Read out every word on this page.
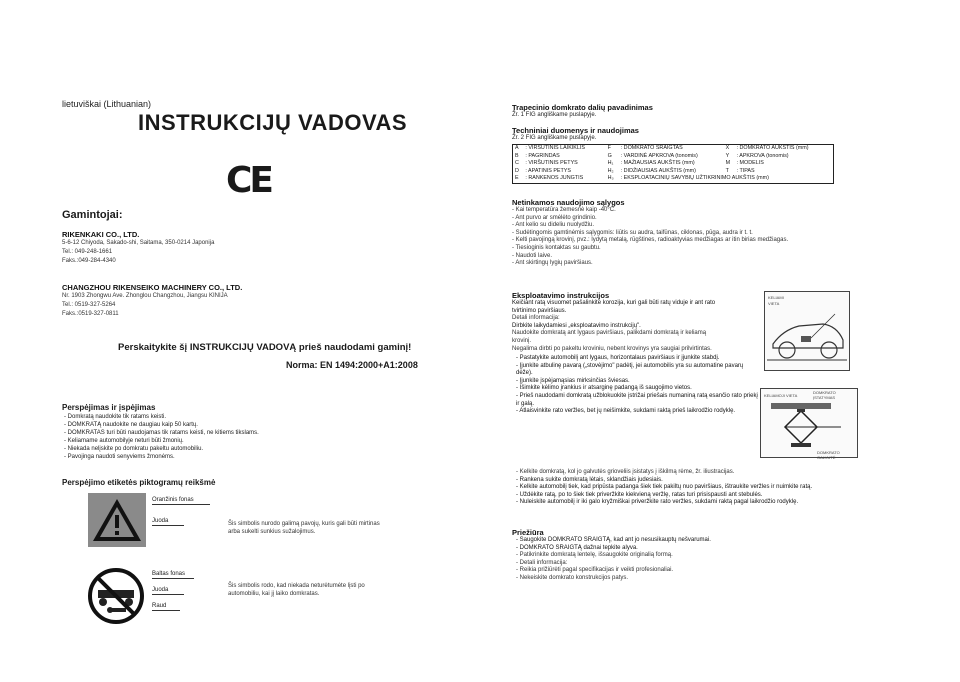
lietuviškai (Lithuanian)
INSTRUKCIJŲ VADOVAS
CE
Gamintojai:
RIKENKAKI CO., LTD.
5-6-12 Chiyoda, Sakado-shi, Saitama, 350-0214 Japonija
Tel.: 049-248-1661
Faks.:049-284-4340
CHANGZHOU RIKENSEIKO MACHINERY CO., LTD.
Nr. 1903 Zhongwu Ave. Zhonglou Changzhou, Jiangsu KINIJA
Tel.: 0519-327-5264
Faks.:0519-327-0811
Perskaitykite šį INSTRUKCIJŲ VADOVĄ prieš naudodami gaminį!
Norma: EN 1494:2000+A1:2008
Perspėjimas ir įspėjimas
- Domkratą naudokite tik ratams keisti.
- DOMKRATĄ naudokite ne daugiau kaip 50 kartų.
- DOMKRATAS turi būti naudojamas tik ratams keisti, ne kitiems tikslams.
- Keliamame automobilyje neturi būti žmonių.
- Niekada nelįskite po domkratu pakeltu automobiliu.
- Pavojinga naudoti senyviems žmonėms.
Perspėjimo etiketės piktogramų reikšmė
Oranžinis fonas
Juoda	Šis simbolis nurodo galimą pavojų, kuris gali būti mirtinas
arba sukelti sunkius sužalojimus.
Baltas fonas
Juoda
Raud
Šis simbolis rodo, kad niekada neturėtumėte lįsti po
automobiliu, kai jį laiko domkratas.
Trapecinio domkrato dalių pavadinimas
Žr. 1 FIG angliškame puslapyje.
Techniniai duomenys ir naudojimas
Žr. 2 FIG angliškame puslapyje.
A	: VIRŠUTINIS LAIKIKLIS	F	: DOMKRATO SRAIGTAS	X	: DOMKRATO AUKŠTIS (mm)
B	: PAGRINDAS	G	: VARDINĖ APKROVA (tonomis)	Y	: APKROVA (tonomis)
C	: VIRŠUTINIS PETYS	H₁	: MAŽIAUSIAS AUKŠTIS (mm)	M	: MODELIS
D	: APATINIS PETYS	H₂	: DIDŽIAUSIAS AUKŠTIS (mm)	T	: TIPAS
E	: RANKENOS JUNGTIS	H₃	: EKSPLOATACINIŲ SAVYBIŲ UŽTIKRINIMO AUKŠTIS (mm)		
Netinkamos naudojimo sąlygos
- Kai temperatūra žemesnė kaip -40°C.
- Ant purvo ar smėlėto grindinio.
- Ant kelio su dideliu nuolydžiu.
- Sudėtingomis gamtinėmis sąlygomis: liūtis su audra, taifūnas, ciklonas, pūga, audra ir t. t.
- Kelti pavojingą krovinį, pvz.: lydytą metalą, rūgštines, radioaktyvias medžiagas ar itin birias medžiagas.
- Tiesioginis kontaktas su gaubtu.
- Naudoti laive.
- Ant skirtingų lygių paviršiaus.
Eksploatavimo instrukcijos
Keičiant ratą visuomet pašalinkite korozija, kuri gali būti ratų viduje ir ant rato
tvirtinimo paviršiaus.
Detali informacija:
Dirbkite laikydamiesi „eksploatavimo instrukcijų".
Naudokite domkratą ant lygaus paviršiaus, palikdami domkratą ir keliamą
krovinį.
Negalima dirbti po pakeltu kroviniu, nebent krovinys yra saugiai prilvirtintas.
- Pastatykite automobilį ant lygaus, horizontalaus paviršiaus ir įjunkite stabdį.
- Įjunkite atbulinę pavarą („stovėjimo" padėtį, jei automobilis yra su automatine pavarų dėže).
- Įjunkite įspėjamąsias mirksinčias šviesas.
- Išimkite kėlimo įrankius ir atsarginę padangą iš saugojimo vietos.
- Prieš naudodami domkratą užblokuokite įstrižai priešais numaniną ratą esančio rato priekį ir galą.
- Atlaisvinkite rato veržles, bet jų neišimkite, sukdami raktą prieš laikrodžio rodyklę.
- Kelkite domkratą, kol jo galvutės grioveliis įsistatys į iškilmą rėme, žr. iliustracijas.
- Rankena sukite domkratą lėtais, sklandžiais judesiais.
- Kelkite automobilį tiek, kad pripūsta padanga šiek tiek pakiltų nuo paviršiaus, ištraukite veržles ir nuimkite ratą.
- Uždėkite ratą, po to šiek tiek priveržkite kiekvieną veržlę, ratas turi prisispausti ant stebulės.
- Nuleiskite automobilį ir iki galo kryžmiškai priveržkite rato veržles, sukdami raktą pagal laikrodžio rodyklę.
Priežiūra
- Saugokite DOMKRATO SRAIGTĄ, kad ant jo nesusikauptų nešvarumai.
- DOMKRATO SRAIGTĄ dažnai tepkite alyva.
- Patikrinkite domkratą lentelę, išsaugokite originalią formą.
- Detali informacija:
- Reikia prižiūrėti pagal specifikacijas ir veikti profesionaliai.
- Nekeiskite domkrato konstrukcijos patys.
KELIAMI
VIETA
KELIAMOJI VIETA
DOMKRATO ĮSTATYMAS
DOMKRATO GALVUTĖ
